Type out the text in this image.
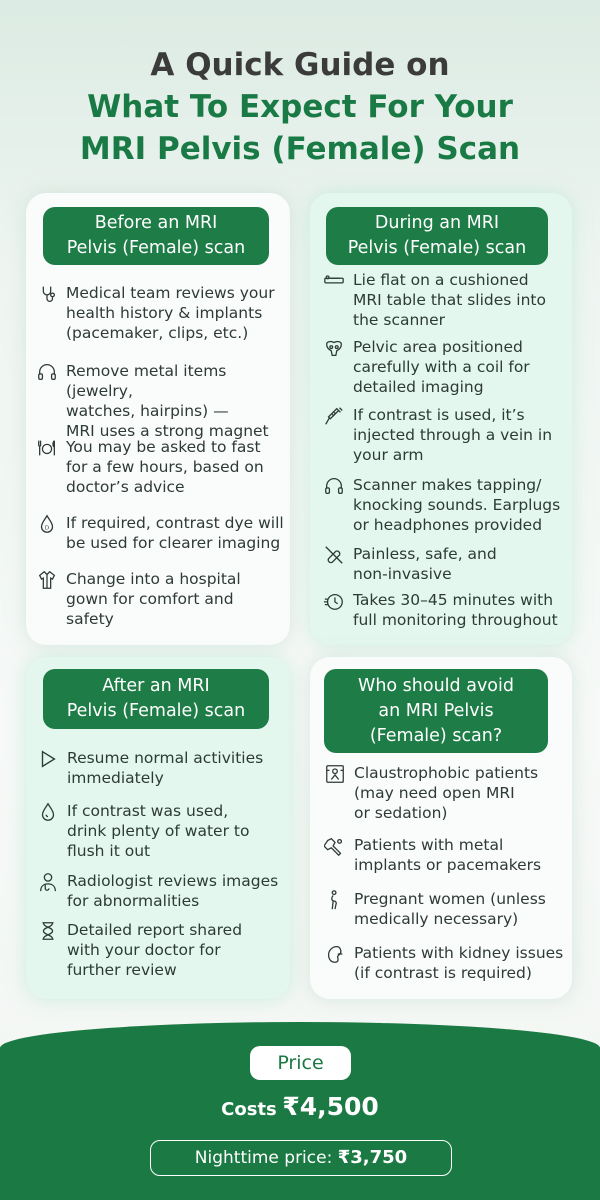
A Quick Guide on
What To Expect For Your
MRI Pelvis (Female) Scan
Before an MRI
Pelvis (Female) scan
Medical team reviews your
health history & implants
(pacemaker, clips, etc.)
Remove metal items (jewelry,
watches, hairpins) —
MRI uses a strong magnet
You may be asked to fast
for a few hours, based on
doctor’s advice
D If required, contrast dye will
be used for clearer imaging
Change into a hospital
gown for comfort and safety
During an MRI
Pelvis (Female) scan
Lie flat on a cushioned
MRI table that slides into
the scanner
Pelvic area positioned
carefully with a coil for
detailed imaging
If contrast is used, it’s
injected through a vein in
your arm
Scanner makes tapping/
knocking sounds. Earplugs
or headphones provided
Painless, safe, and
non-invasive
Takes 30–45 minutes with
full monitoring throughout
After an MRI
Pelvis (Female) scan
Resume normal activities
immediately
If contrast was used,
drink plenty of water to
flush it out
Radiologist reviews images
for abnormalities
Detailed report shared
with your doctor for
further review
Who should avoid
an MRI Pelvis
(Female) scan?
Claustrophobic patients
(may need open MRI
or sedation)
Patients with metal
implants or pacemakers
Pregnant women (unless
medically necessary)
Patients with kidney issues
(if contrast is required)
Price
Costs ₹4,500
Nighttime price: ₹3,750
